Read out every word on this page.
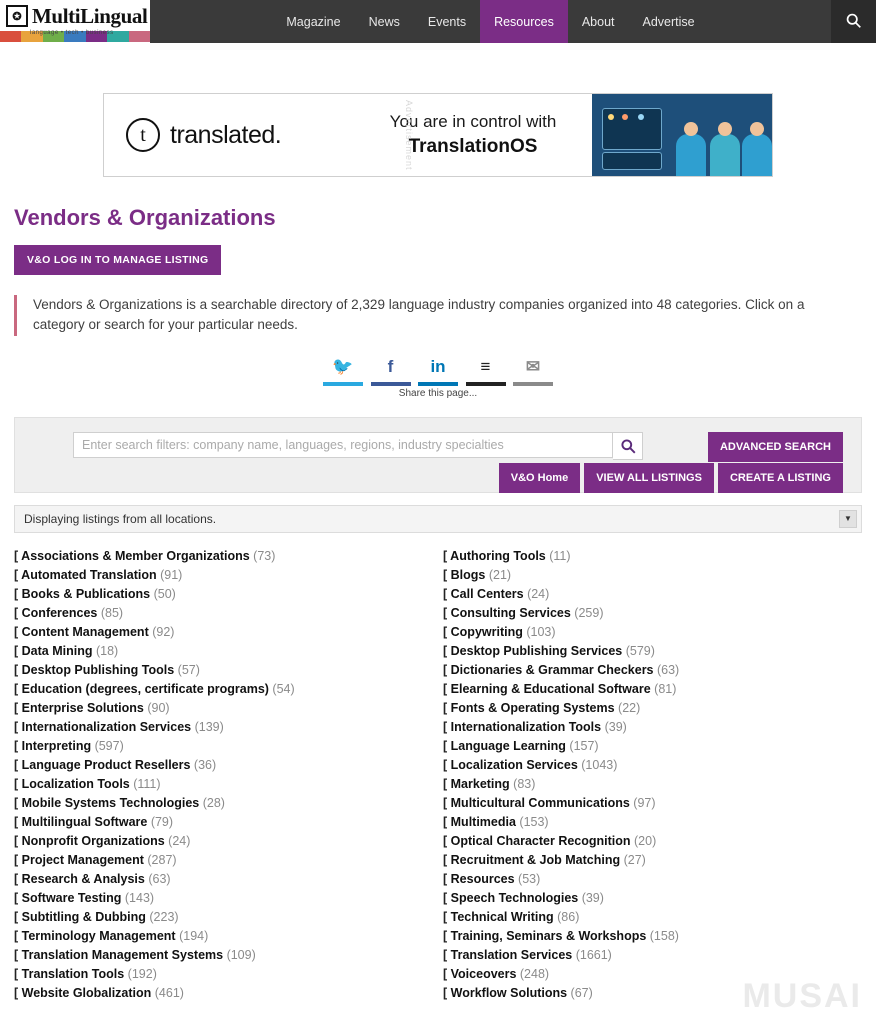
✪ MultiLingual
language • tech • business
Magazine	News	Events	Resources	About	Advertise
t translated.	You are in control with
TranslationOS
Advertisement
Vendors & Organizations
V&O LOG IN TO MANAGE LISTING
Vendors & Organizations is a searchable directory of 2,329 language industry companies organized into 48 categories. Click on a category or search for your particular needs.
🐦	f	in	≡	✉
Share this page...
Enter search filters: company name, languages, regions, industry specialties	ADVANCED SEARCH
V&O Home	VIEW ALL LISTINGS	CREATE A LISTING
Displaying listings from all locations.	▼
[ Associations & Member Organizations (73)
[ Automated Translation (91)
[ Books & Publications (50)
[ Conferences (85)
[ Content Management (92)
[ Data Mining (18)
[ Desktop Publishing Tools (57)
[ Education (degrees, certificate programs) (54)
[ Enterprise Solutions (90)
[ Internationalization Services (139)
[ Interpreting (597)
[ Language Product Resellers (36)
[ Localization Tools (111)
[ Mobile Systems Technologies (28)
[ Multilingual Software (79)
[ Nonprofit Organizations (24)
[ Project Management (287)
[ Research & Analysis (63)
[ Software Testing (143)
[ Subtitling & Dubbing (223)
[ Terminology Management (194)
[ Translation Management Systems (109)
[ Translation Tools (192)
[ Website Globalization (461)
[ Authoring Tools (11)
[ Blogs (21)
[ Call Centers (24)
[ Consulting Services (259)
[ Copywriting (103)
[ Desktop Publishing Services (579)
[ Dictionaries & Grammar Checkers (63)
[ Elearning & Educational Software (81)
[ Fonts & Operating Systems (22)
[ Internationalization Tools (39)
[ Language Learning (157)
[ Localization Services (1043)
[ Marketing (83)
[ Multicultural Communications (97)
[ Multimedia (153)
[ Optical Character Recognition (20)
[ Recruitment & Job Matching (27)
[ Resources (53)
[ Speech Technologies (39)
[ Technical Writing (86)
[ Training, Seminars & Workshops (158)
[ Translation Services (1661)
[ Voiceovers (248)
[ Workflow Solutions (67)	MUSAI
